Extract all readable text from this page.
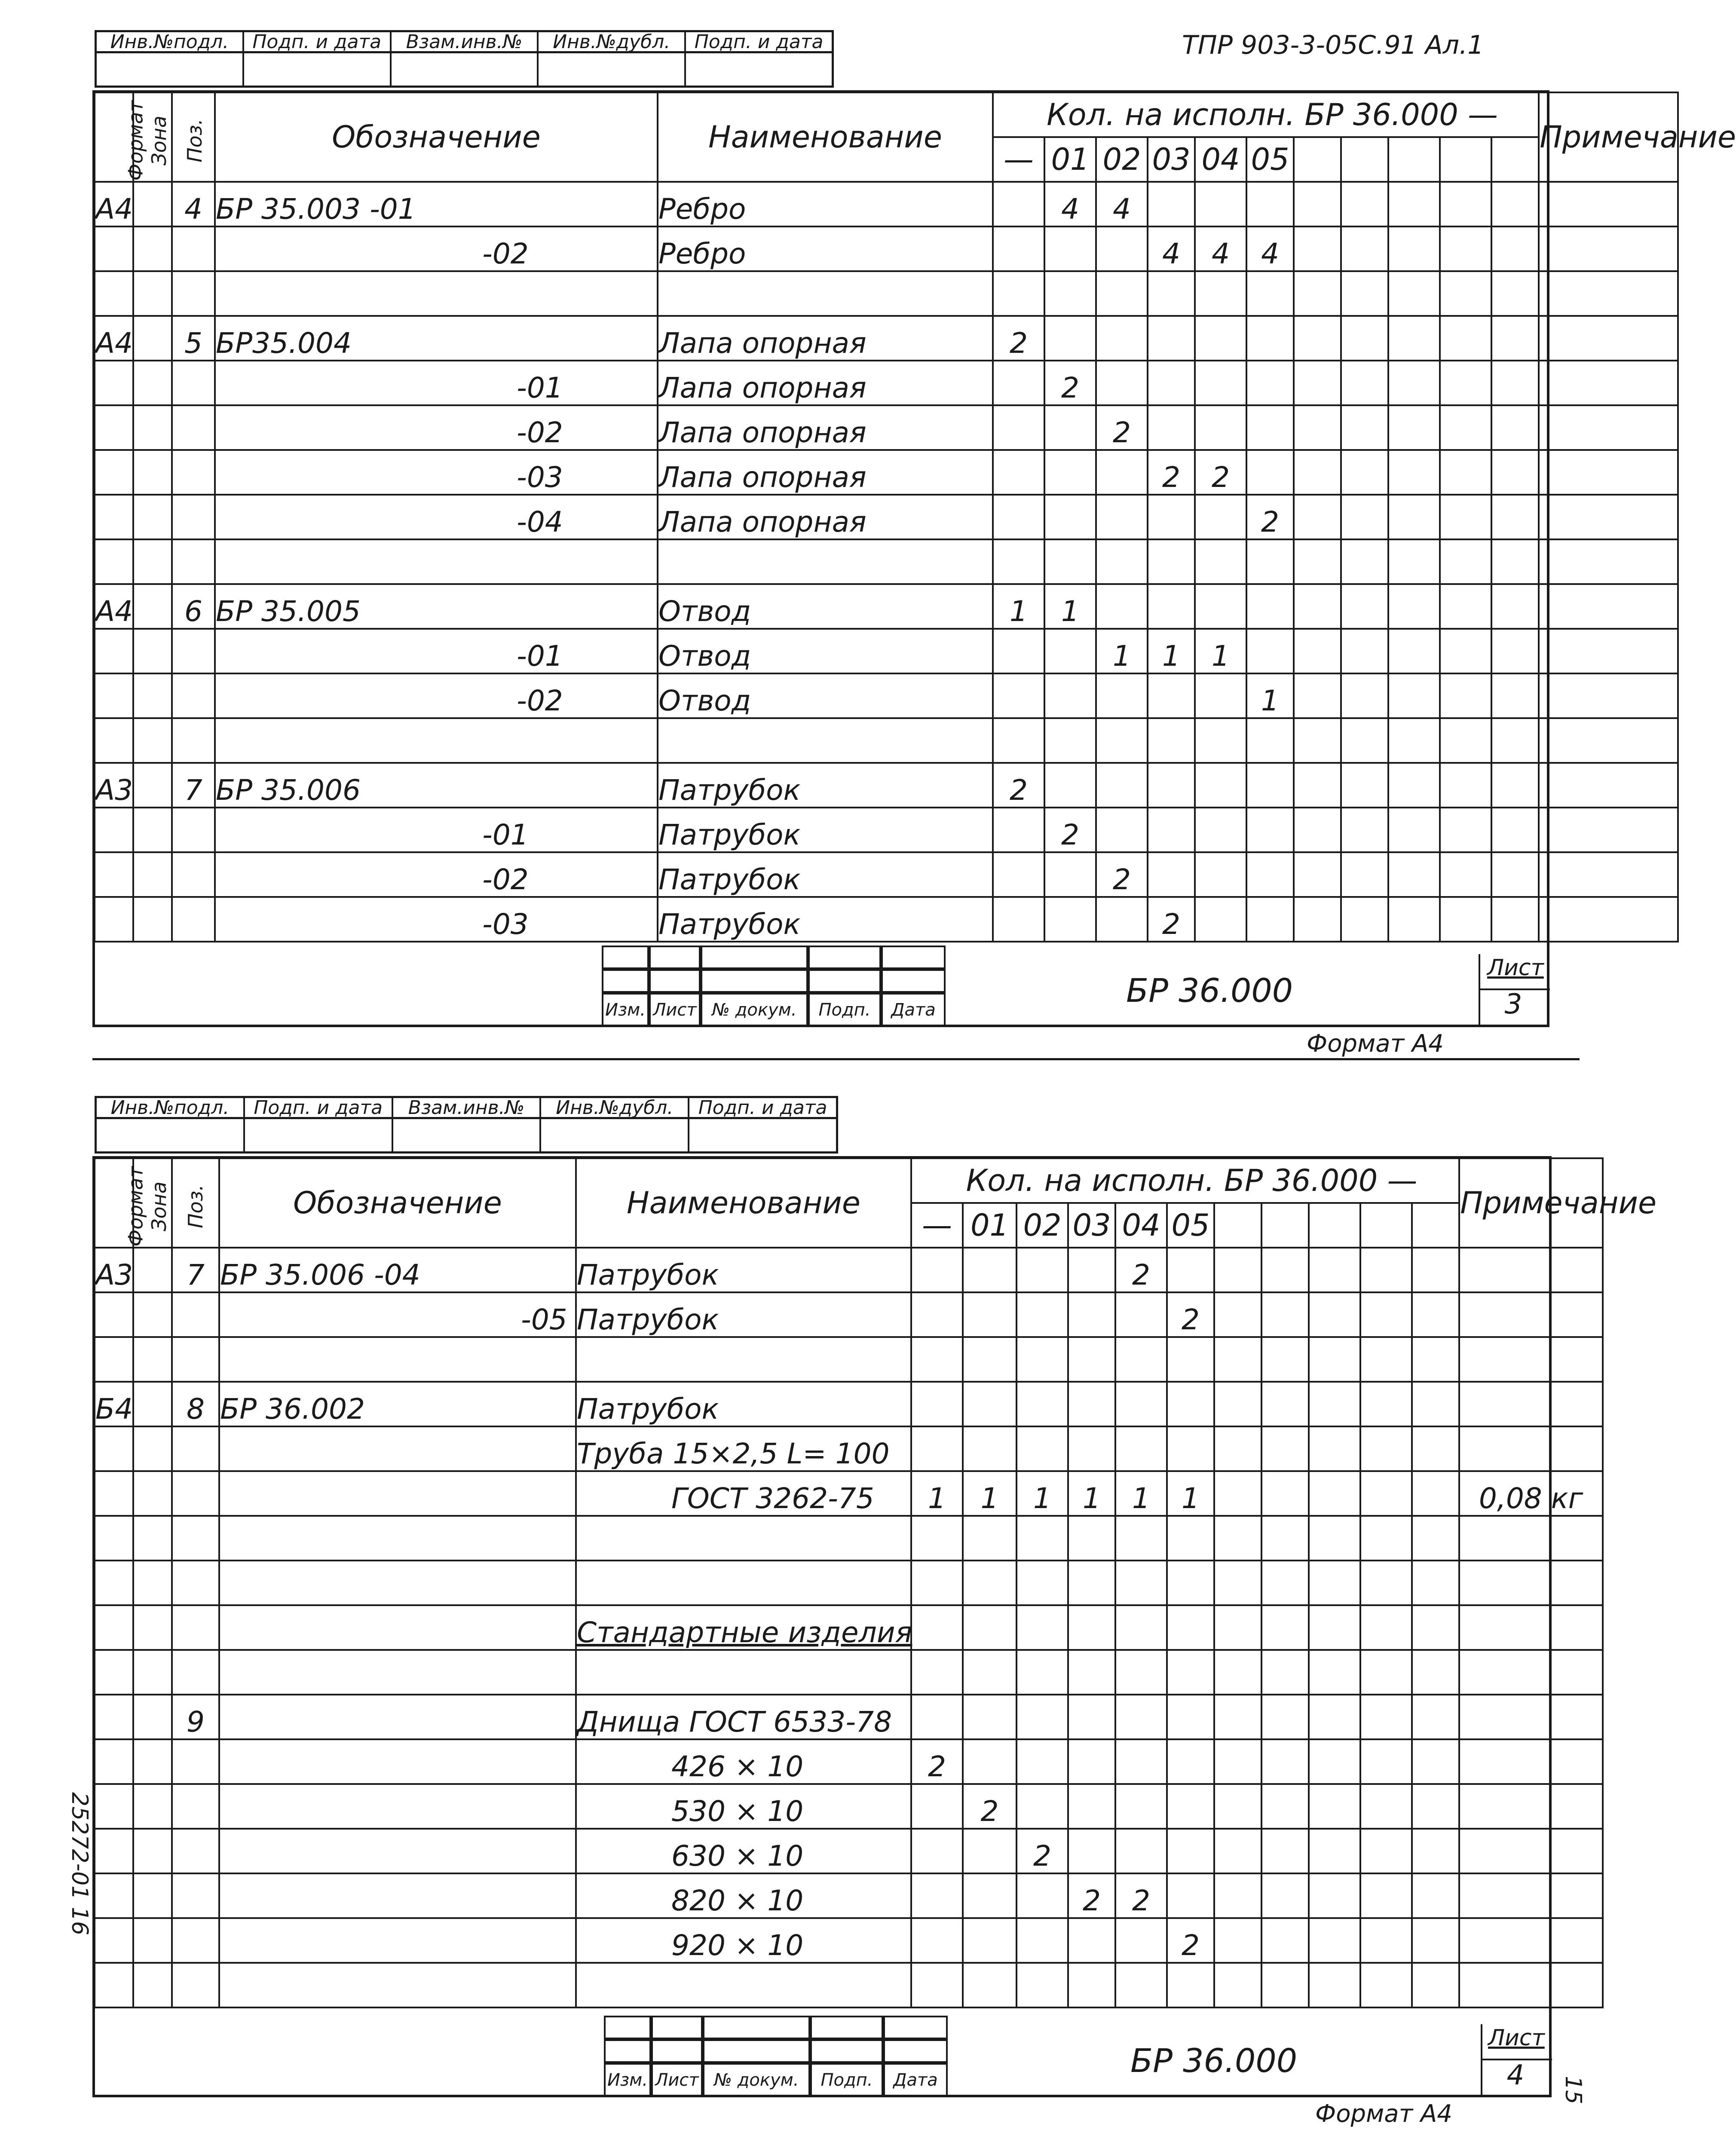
Инв.№подл.	Подп. и дата	Взам.инв.№	Инв.№дубл.	Подп. и дата	ТПР 903-3-05С.91 Ал.1
Формат	Зона	Поз.	Обозначение	Наименование	Кол. на исполн. БР 36.000 —											Примечание
					—	01	02	03	04	05						
А4		4	БР 35.003 -01	Ребро		4	4									
			-02	Ребро				4	4	4						

А4		5	БР35.004	Лапа опорная	2											
			-01	Лапа опорная		2										
			-02	Лапа опорная			2									
			-03	Лапа опорная				2	2							
			-04	Лапа опорная						2						

А4		6	БР 35.005	Отвод	1	1										
			-01	Отвод			1	1	1							
			-02	Отвод						1						

А3		7	БР 35.006	Патрубок	2											
			-01	Патрубок		2										
			-02	Патрубок			2									
			-03	Патрубок				2								
Изм. Лист № докум.	Подп.	Дата
БР 36.000
Лист
3
Формат А4
Инв.№подл.	Подп. и дата	Взам.инв.№	Инв.№дубл.	Подп. и дата
Формат	Зона	Поз.	Обозначение	Наименование	Кол. на исполн. БР 36.000 —											Примечание
					—	01	02	03	04	05						
А3		7	БР 35.006 -04	Патрубок					2							
			-05	Патрубок						2						

Б4		8	БР 36.002	Патрубок												
				Труба 15×2,5 L= 100												
				ГОСТ 3262-75	1	1	1	1	1	1						0,08 кг

				Стандартные изделия												

		9		Днища ГОСТ 6533-78												
				426 × 10	2											
				530 × 10		2										
				630 × 10			2									
				820 × 10				2	2							
				920 × 10						2						

Изм. Лист № докум.	Подп.	Дата
БР 36.000
Лист
4
Формат А4
25272-01 16
15
